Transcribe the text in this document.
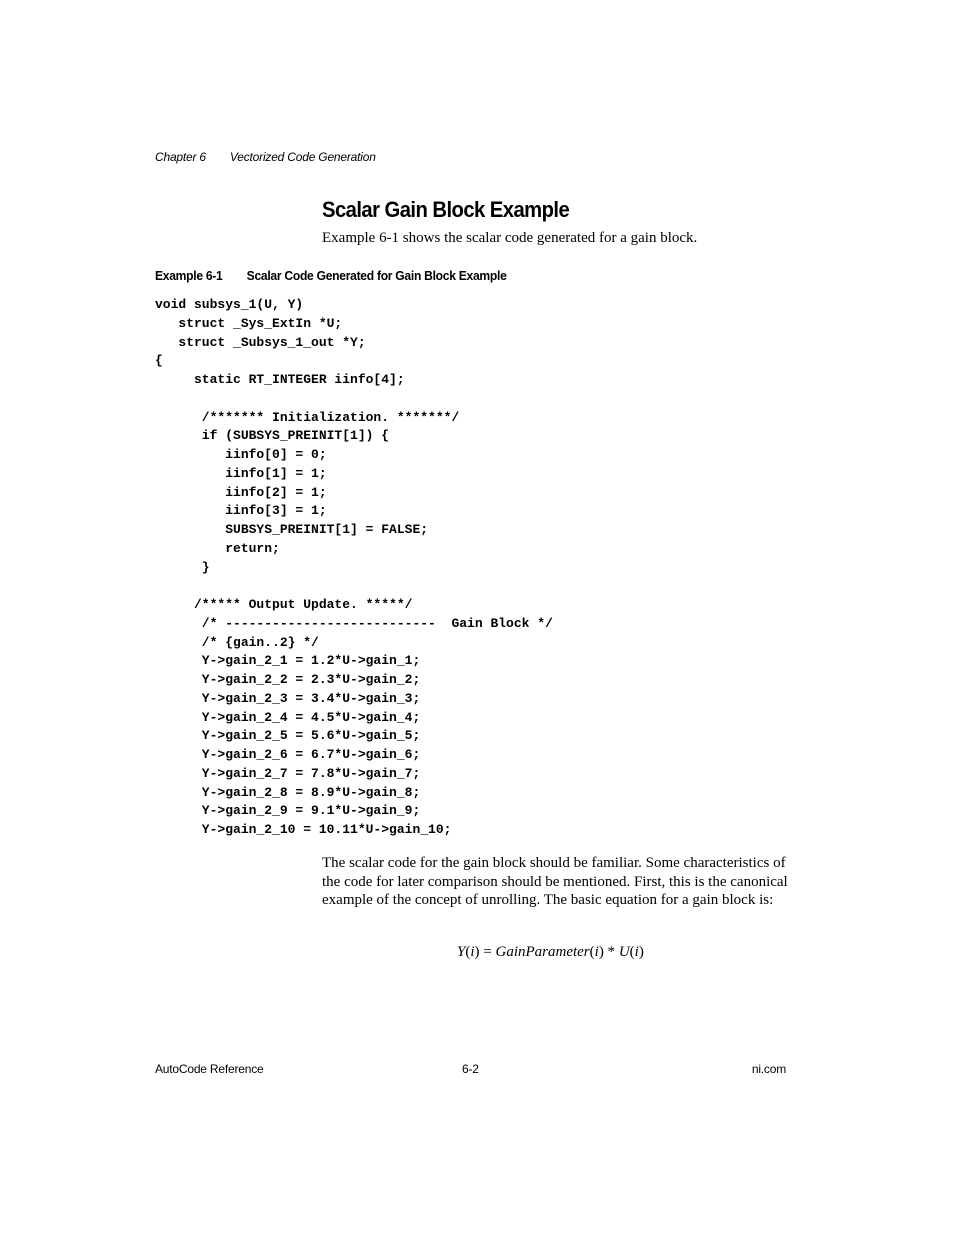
Chapter 6 Vectorized Code Generation
Scalar Gain Block Example
Example 6-1 shows the scalar code generated for a gain block.
Example 6-1 Scalar Code Generated for Gain Block Example
void subsys_1(U, Y)
struct _Sys_ExtIn *U;
struct _Subsys_1_out *Y;
{
static RT_INTEGER iinfo[4];
/******* Initialization. *******/
if (SUBSYS_PREINIT[1]) {
iinfo[0] = 0;
iinfo[1] = 1;
iinfo[2] = 1;
iinfo[3] = 1;
SUBSYS_PREINIT[1] = FALSE;
return;
}
/***** Output Update. *****/
/* ---------------------------  Gain Block */
/* {gain..2} */
Y->gain_2_1 = 1.2*U->gain_1;
Y->gain_2_2 = 2.3*U->gain_2;
Y->gain_2_3 = 3.4*U->gain_3;
Y->gain_2_4 = 4.5*U->gain_4;
Y->gain_2_5 = 5.6*U->gain_5;
Y->gain_2_6 = 6.7*U->gain_6;
Y->gain_2_7 = 7.8*U->gain_7;
Y->gain_2_8 = 8.9*U->gain_8;
Y->gain_2_9 = 9.1*U->gain_9;
Y->gain_2_10 = 10.11*U->gain_10;

The scalar code for the gain block should be familiar. Some characteristics of the code for later comparison should be mentioned. First, this is the canonical example of the concept of unrolling. The basic equation for a gain block is:

Y(i) = GainParameter(i) * U(i)
AutoCode Reference	6-2	ni.com
